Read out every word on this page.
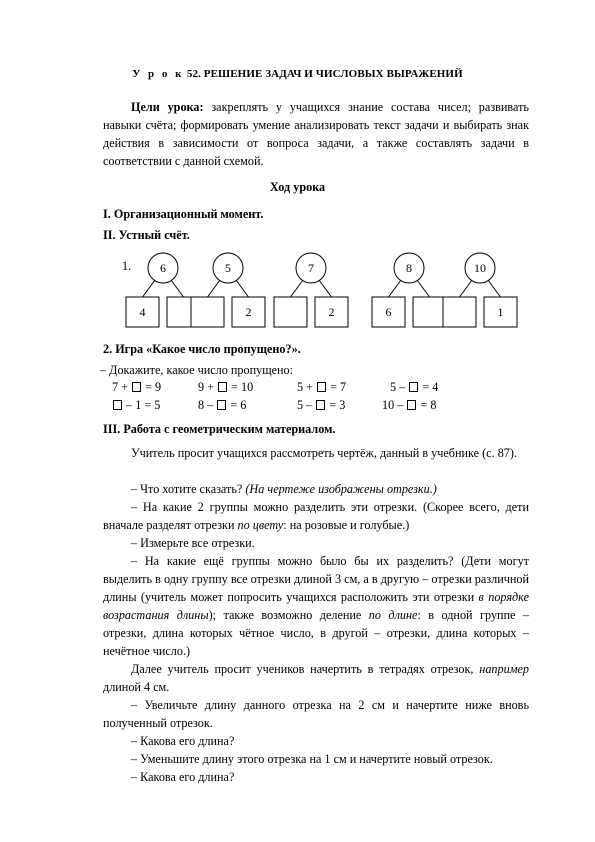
У р о к 52. РЕШЕНИЕ ЗАДАЧ И ЧИСЛОВЫХ ВЫРАЖЕНИЙ
Цели урока: закреплять у учащихся знание состава чисел; развивать навыки счёта; формировать умение анализировать текст задачи и выбирать знак действия в зависимости от вопроса задачи, а также составлять задачи в соответствии с данной схемой.
Ход урока
I. Организационный момент.
II. Устный счёт.
1. 6
4
5
2
7
2
8
6
10
1
2. Игра «Какое число пропущено?».
– Докажите, какое число пропущено:
7 +  = 9	9 +  = 10	5 +  = 7	5 –  = 4
– 1 = 5	8 –  = 6	5 –  = 3	10 –  = 8
III. Работа с геометрическим материалом.
Учитель просит учащихся рассмотреть чертёж, данный в учебнике (с. 87).
– Что хотите сказать? (На чертеже изображены отрезки.)
– На какие 2 группы можно разделить эти отрезки. (Скорее всего, дети вначале разделят отрезки по цвету: на розовые и голубые.)
– Измерьте все отрезки.
– На какие ещё группы можно было бы их разделить? (Дети могут выделить в одну группу все отрезки длиной 3 см, а в другую – отрезки различной длины (учитель может попросить учащихся расположить эти отрезки в порядке возрастания длины); также возможно деление по длине: в одной группе – отрезки, длина которых чётное число, в другой – отрезки, длина которых – нечётное число.)
Далее учитель просит учеников начертить в тетрадях отрезок, например длиной 4 см.
– Увеличьте длину данного отрезка на 2 см и начертите ниже вновь полученный отрезок.
– Какова его длина?
– Уменьшите длину этого отрезка на 1 см и начертите новый отрезок.
– Какова его длина?
